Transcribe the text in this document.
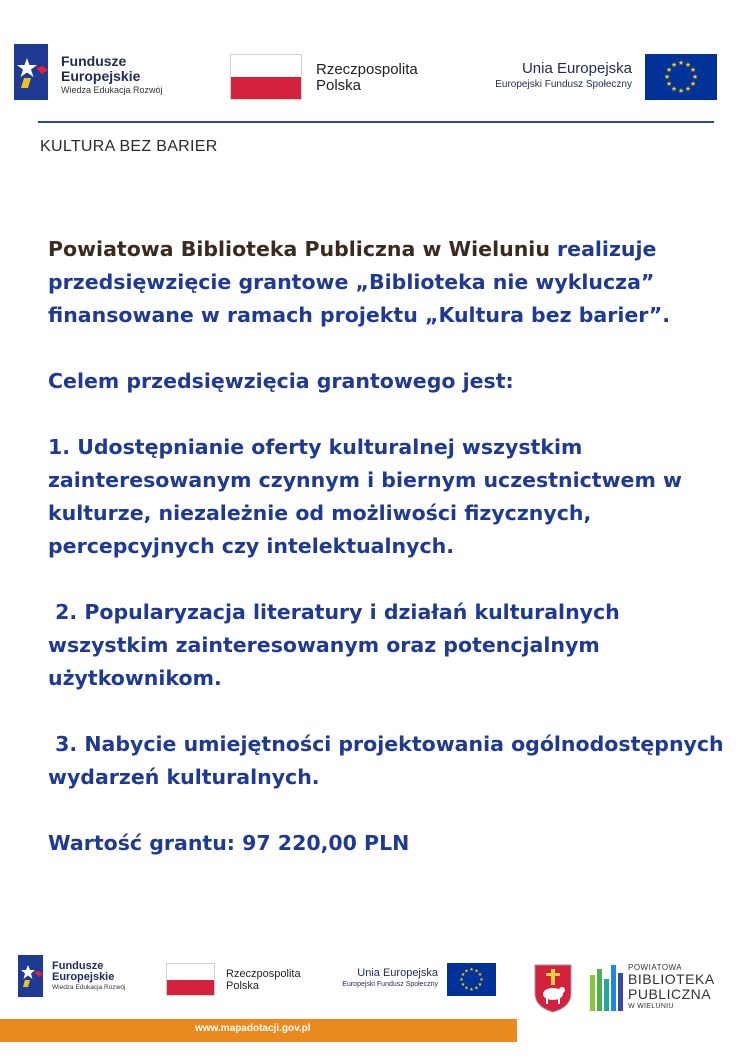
Fundusze
Europejskie
Wiedza Edukacja Rozwój
Rzeczpospolita
Polska
Unia Europejska
Europejski Fundusz Społeczny
★ ★
★
★
★
★
★
★
★
★
★
★
KULTURA BEZ BARIER

Powiatowa Biblioteka Publiczna w Wieluniu realizuje przedsięwzięcie grantowe „Biblioteka nie wyklucza” finansowane w ramach projektu „Kultura bez barier”.

Celem przedsięwzięcia grantowego jest:

1. Udostępnianie oferty kulturalnej wszystkim zainteresowanym czynnym i biernym uczestnictwem w kulturze, niezależnie od możliwości fizycznych, percepcyjnych czy intelektualnych.

2. Popularyzacja literatury i działań kulturalnych wszystkim zainteresowanym oraz potencjalnym użytkownikom.

3. Nabycie umiejętności projektowania ogólnodostępnych wydarzeń kulturalnych.

Wartość grantu: 97 220,00 PLN

Fundusze
Europejskie
Wiedza Edukacja Rozwój
Rzeczpospolita
Polska
Unia Europejska
Europejski Fundusz Społeczny
★ ★
★
★
★
★
★
★
★
★
★
★	POWIATOWA
BIBLIOTEKA
PUBLICZNA
W WIELUNIU
www.mapadotacji.gov.pl
